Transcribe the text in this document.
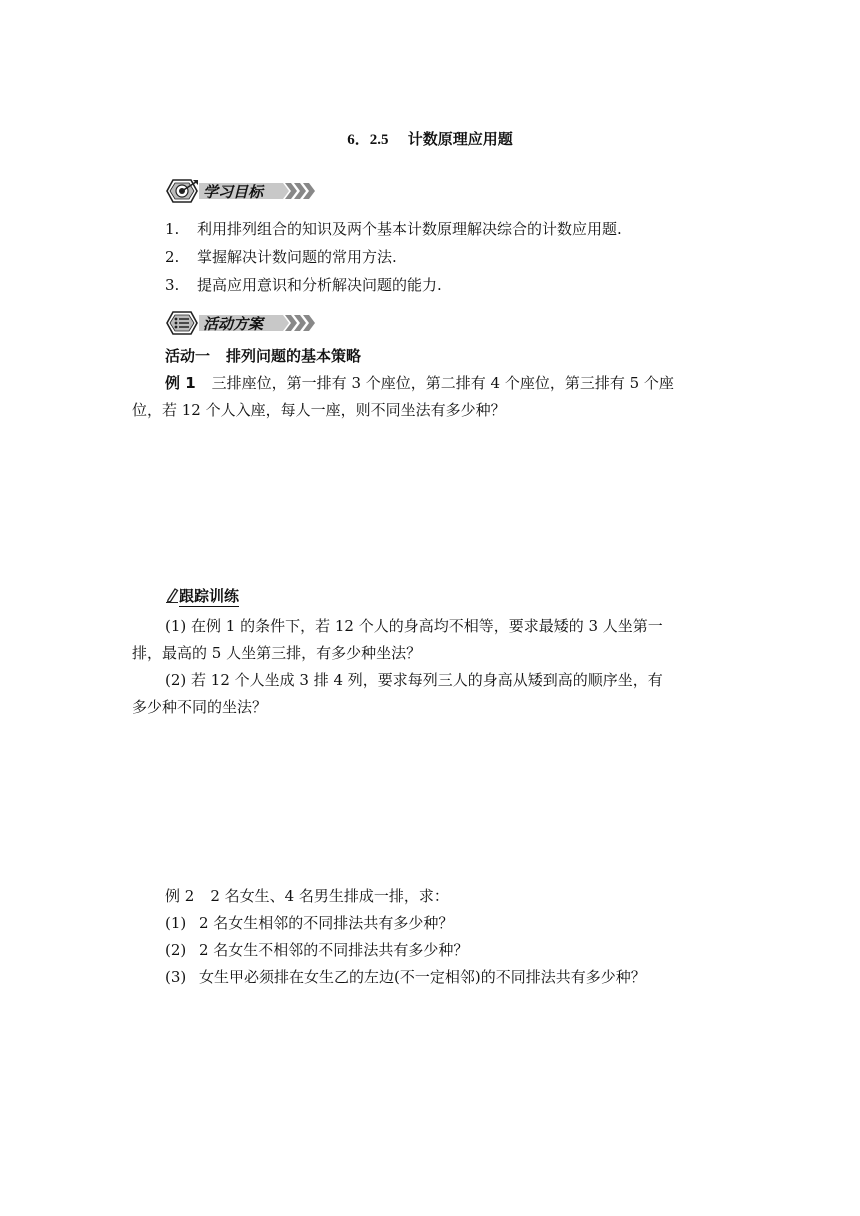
6．2.5 计数原理应用题
学习目标
1. 利用排列组合的知识及两个基本计数原理解决综合的计数应用题.
2. 掌握解决计数问题的常用方法.
3. 提高应用意识和分析解决问题的能力.
活动方案
活动一 排列问题的基本策略
例 1 三排座位，第一排有 3 个座位，第二排有 4 个座位，第三排有 5 个座
位，若 12 个人入座，每人一座，则不同坐法有多少种？
跟踪训练
(1) 在例 1 的条件下，若 12 个人的身高均不相等，要求最矮的 3 人坐第一
排，最高的 5 人坐第三排，有多少种坐法？
(2) 若 12 个人坐成 3 排 4 列，要求每列三人的身高从矮到高的顺序坐，有
多少种不同的坐法？
例 2 2 名女生、4 名男生排成一排，求：
(1) 2 名女生相邻的不同排法共有多少种？
(2) 2 名女生不相邻的不同排法共有多少种？
(3) 女生甲必须排在女生乙的左边(不一定相邻)的不同排法共有多少种？
